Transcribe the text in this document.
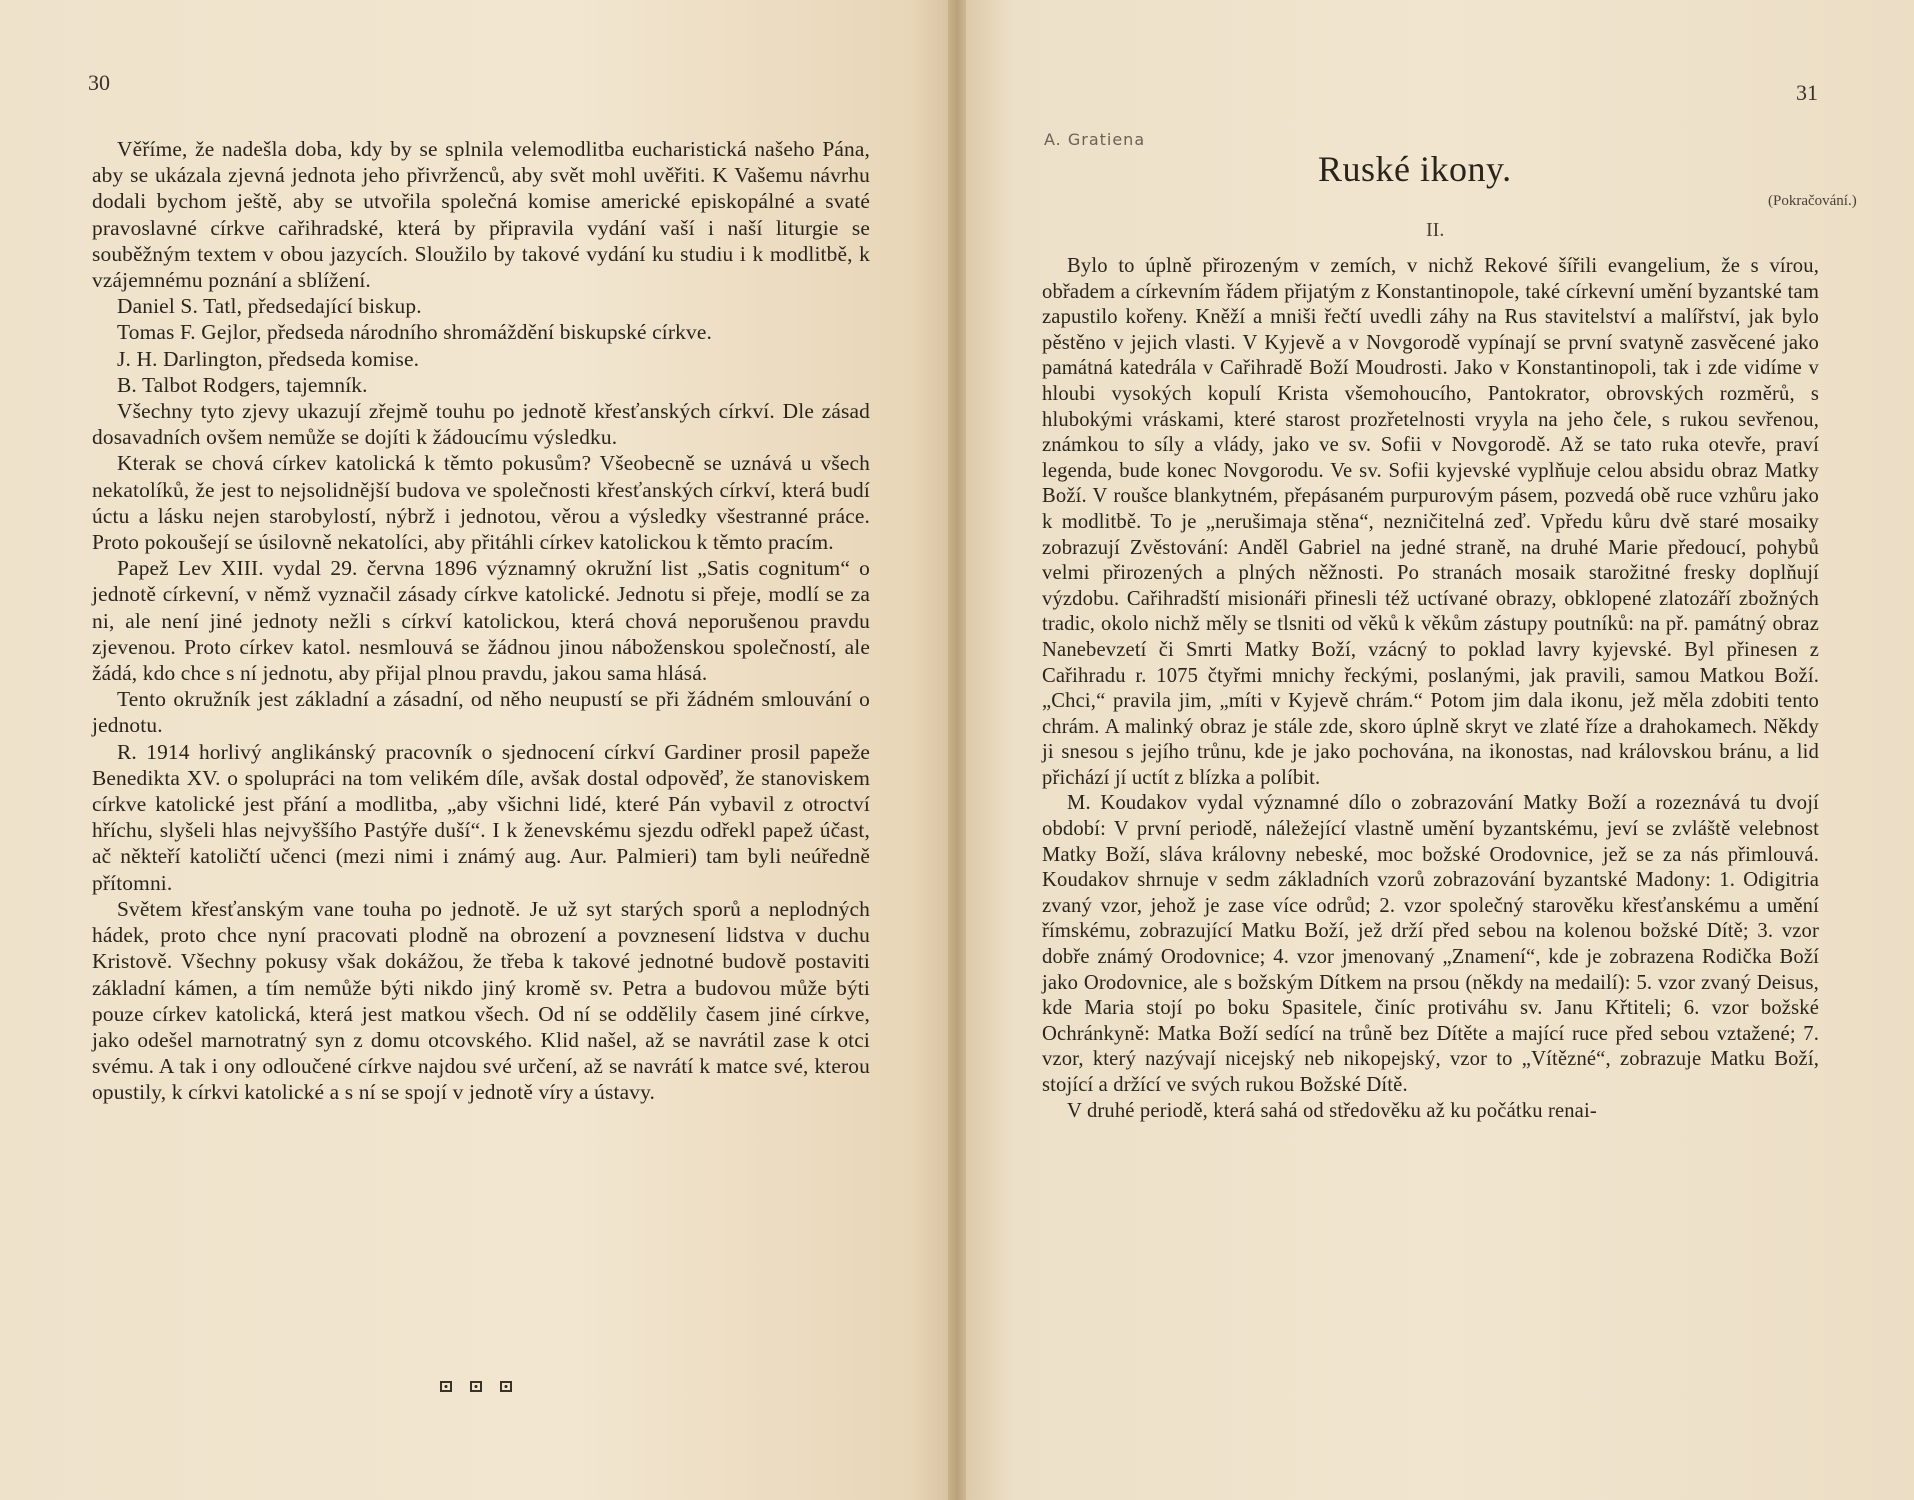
30

Věříme, že nadešla doba, kdy by se splnila velemodlitba eucharistická našeho Pána, aby se ukázala zjevná jednota jeho přivrženců, aby svět mohl uvěřiti. K Vašemu návrhu dodali bychom ještě, aby se utvořila společná komise americké episkopálné a svaté pravoslavné církve cařihradské, která by připravila vydání vaší i naší liturgie se souběžným textem v obou jazycích. Sloužilo by takové vydání ku studiu i k modlitbě, k vzájemnému poznání a sblížení.

Daniel S. Tatl, předsedající biskup.

Tomas F. Gejlor, předseda národního shromáždění biskupské církve.

J. H. Darlington, předseda komise.

B. Talbot Rodgers, tajemník.

Všechny tyto zjevy ukazují zřejmě touhu po jednotě křesťanských církví. Dle zásad dosavadních ovšem nemůže se dojíti k žádoucímu výsledku.

Kterak se chová církev katolická k těmto pokusům? Všeobecně se uznává u všech nekatolíků, že jest to nejsolidnější budova ve společnosti křesťanských církví, která budí úctu a lásku nejen starobylostí, nýbrž i jednotou, věrou a výsledky všestranné práce. Proto pokoušejí se úsilovně nekatolíci, aby přitáhli církev katolickou k těmto pracím.

Papež Lev XIII. vydal 29. června 1896 významný okružní list „Satis cognitum“ o jednotě církevní, v němž vyznačil zásady církve katolické. Jednotu si přeje, modlí se za ni, ale není jiné jednoty nežli s církví katolickou, která chová neporušenou pravdu zjevenou. Proto církev katol. nesmlouvá se žádnou jinou náboženskou společností, ale žádá, kdo chce s ní jednotu, aby přijal plnou pravdu, jakou sama hlásá.

Tento okružník jest základní a zásadní, od něho neupustí se při žádném smlouvání o jednotu.

R. 1914 horlivý anglikánský pracovník o sjednocení církví Gardiner prosil papeže Benedikta XV. o spolupráci na tom velikém díle, avšak dostal odpověď, že stanoviskem církve katolické jest přání a modlitba, „aby všichni lidé, které Pán vybavil z otroctví hříchu, slyšeli hlas nejvyššího Pastýře duší“. I k ženevskému sjezdu odřekl papež účast, ač někteří katoličtí učenci (mezi nimi i známý aug. Aur. Palmieri) tam byli neúředně přítomni.

Světem křesťanským vane touha po jednotě. Je už syt starých sporů a neplodných hádek, proto chce nyní pracovati plodně na obrození a povznesení lidstva v duchu Kristově. Všechny pokusy však dokážou, že třeba k takové jednotné budově postaviti základní kámen, a tím nemůže býti nikdo jiný kromě sv. Petra a budovou může býti pouze církev katolická, která jest matkou všech. Od ní se oddělily časem jiné církve, jako odešel marnotratný syn z domu otcovského. Klid našel, až se navrátil zase k otci svému. A tak i ony odloučené církve najdou své určení, až se navrátí k matce své, kterou opustily, k církvi katolické a s ní se spojí v jednotě víry a ústavy.

31
A. Gratiena
Ruské ikony.
(Pokračování.)
II.

Bylo to úplně přirozeným v zemích, v nichž Rekové šířili evangelium, že s vírou, obřadem a církevním řádem přijatým z Konstantinopole, také církevní umění byzantské tam zapustilo kořeny. Kněží a mniši řečtí uvedli záhy na Rus stavitelství a malířství, jak bylo pěstěno v jejich vlasti. V Kyjevě a v Novgorodě vypínají se první svatyně zasvěcené jako památná katedrála v Cařihradě Boží Moudrosti. Jako v Konstantinopoli, tak i zde vidíme v hloubi vysokých kopulí Krista všemohoucího, Pantokrator, obrovských rozměrů, s hlubokými vráskami, které starost prozřetelnosti vryyla na jeho čele, s rukou sevřenou, známkou to síly a vlády, jako ve sv. Sofii v Novgorodě. Až se tato ruka otevře, praví legenda, bude konec Novgorodu. Ve sv. Sofii kyjevské vyplňuje celou absidu obraz Matky Boží. V roušce blankytném, přepásaném purpurovým pásem, pozvedá obě ruce vzhůru jako k modlitbě. To je „nerušimaja stěna“, nezničitelná zeď. Vpředu kůru dvě staré mosaiky zobrazují Zvěstování: Anděl Gabriel na jedné straně, na druhé Marie předoucí, pohybů velmi přirozených a plných něžnosti. Po stranách mosaik starožitné fresky doplňují výzdobu. Cařihradští misionáři přinesli též uctívané obrazy, obklopené zlatozáří zbožných tradic, okolo nichž měly se tlsniti od věků k věkům zástupy poutníků: na př. památný obraz Nanebevzetí či Smrti Matky Boží, vzácný to poklad lavry kyjevské. Byl přinesen z Cařihradu r. 1075 čtyřmi mnichy řeckými, poslanými, jak pravili, samou Matkou Boží. „Chci,“ pravila jim, „míti v Kyjevě chrám.“ Potom jim dala ikonu, jež měla zdobiti tento chrám. A malinký obraz je stále zde, skoro úplně skryt ve zlaté říze a drahokamech. Někdy ji snesou s jejího trůnu, kde je jako pochována, na ikonostas, nad královskou bránu, a lid přichází jí uctít z blízka a políbit.

M. Koudakov vydal významné dílo o zobrazování Matky Boží a rozeznává tu dvojí období: V první periodě, náležející vlastně umění byzantskému, jeví se zvláště velebnost Matky Boží, sláva královny nebeské, moc božské Orodovnice, jež se za nás přimlouvá. Koudakov shrnuje v sedm základních vzorů zobrazování byzantské Madony: 1. Odigitria zvaný vzor, jehož je zase více odrůd; 2. vzor společný starověku křesťanskému a umění římskému, zobrazující Matku Boží, jež drží před sebou na kolenou božské Dítě; 3. vzor dobře známý Orodovnice; 4. vzor jmenovaný „Znamení“, kde je zobrazena Rodička Boží jako Orodovnice, ale s božským Dítkem na prsou (někdy na medailí): 5. vzor zvaný Deisus, kde Maria stojí po boku Spasitele, činíc protiváhu sv. Janu Křtiteli; 6. vzor božské Ochránkyně: Matka Boží sedící na trůně bez Dítěte a mající ruce před sebou vztažené; 7. vzor, který nazývají nicejský neb nikopejský, vzor to „Vítězné“, zobrazuje Matku Boží, stojící a držící ve svých rukou Božské Dítě.

V druhé periodě, která sahá od středověku až ku počátku renai-
